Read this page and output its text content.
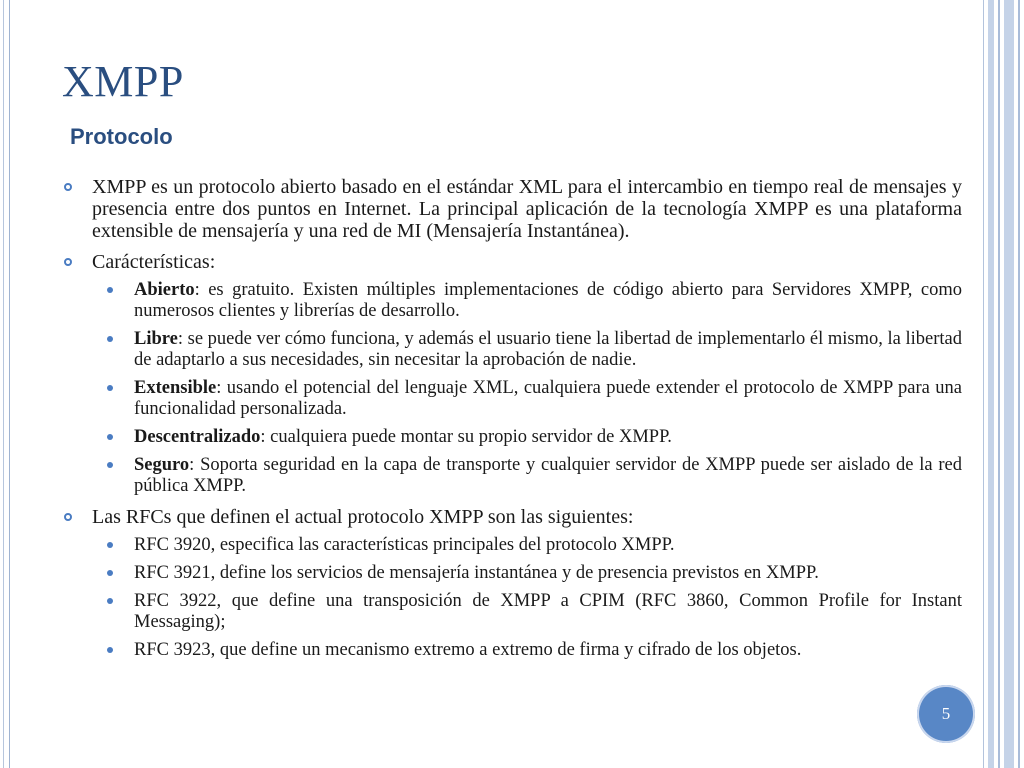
XMPP
Protocolo
XMPP es un protocolo abierto basado en el estándar XML para el intercambio en tiempo real de mensajes y presencia entre dos puntos en Internet. La principal aplicación de la tecnología XMPP es una plataforma extensible de mensajería y una red de MI (Mensajería Instantánea).
Carácterísticas:
Abierto: es gratuito. Existen múltiples implementaciones de código abierto para Servidores XMPP, como numerosos clientes y librerías de desarrollo.
Libre: se puede ver cómo funciona, y además el usuario tiene la libertad de implementarlo él mismo, la libertad de adaptarlo a sus necesidades, sin necesitar la aprobación de nadie.
Extensible: usando el potencial del lenguaje XML, cualquiera puede extender el protocolo de XMPP para una funcionalidad personalizada.
Descentralizado: cualquiera puede montar su propio servidor de XMPP.
Seguro: Soporta seguridad en la capa de transporte y cualquier servidor de XMPP puede ser aislado de la red pública XMPP.
Las RFCs que definen el actual protocolo XMPP son las siguientes:
RFC 3920, especifica las características principales del protocolo XMPP.
RFC 3921, define los servicios de mensajería instantánea y de presencia previstos en XMPP.
RFC 3922, que define una transposición de XMPP a CPIM (RFC 3860, Common Profile for Instant Messaging);
RFC 3923, que define un mecanismo extremo a extremo de firma y cifrado de los objetos.
5
